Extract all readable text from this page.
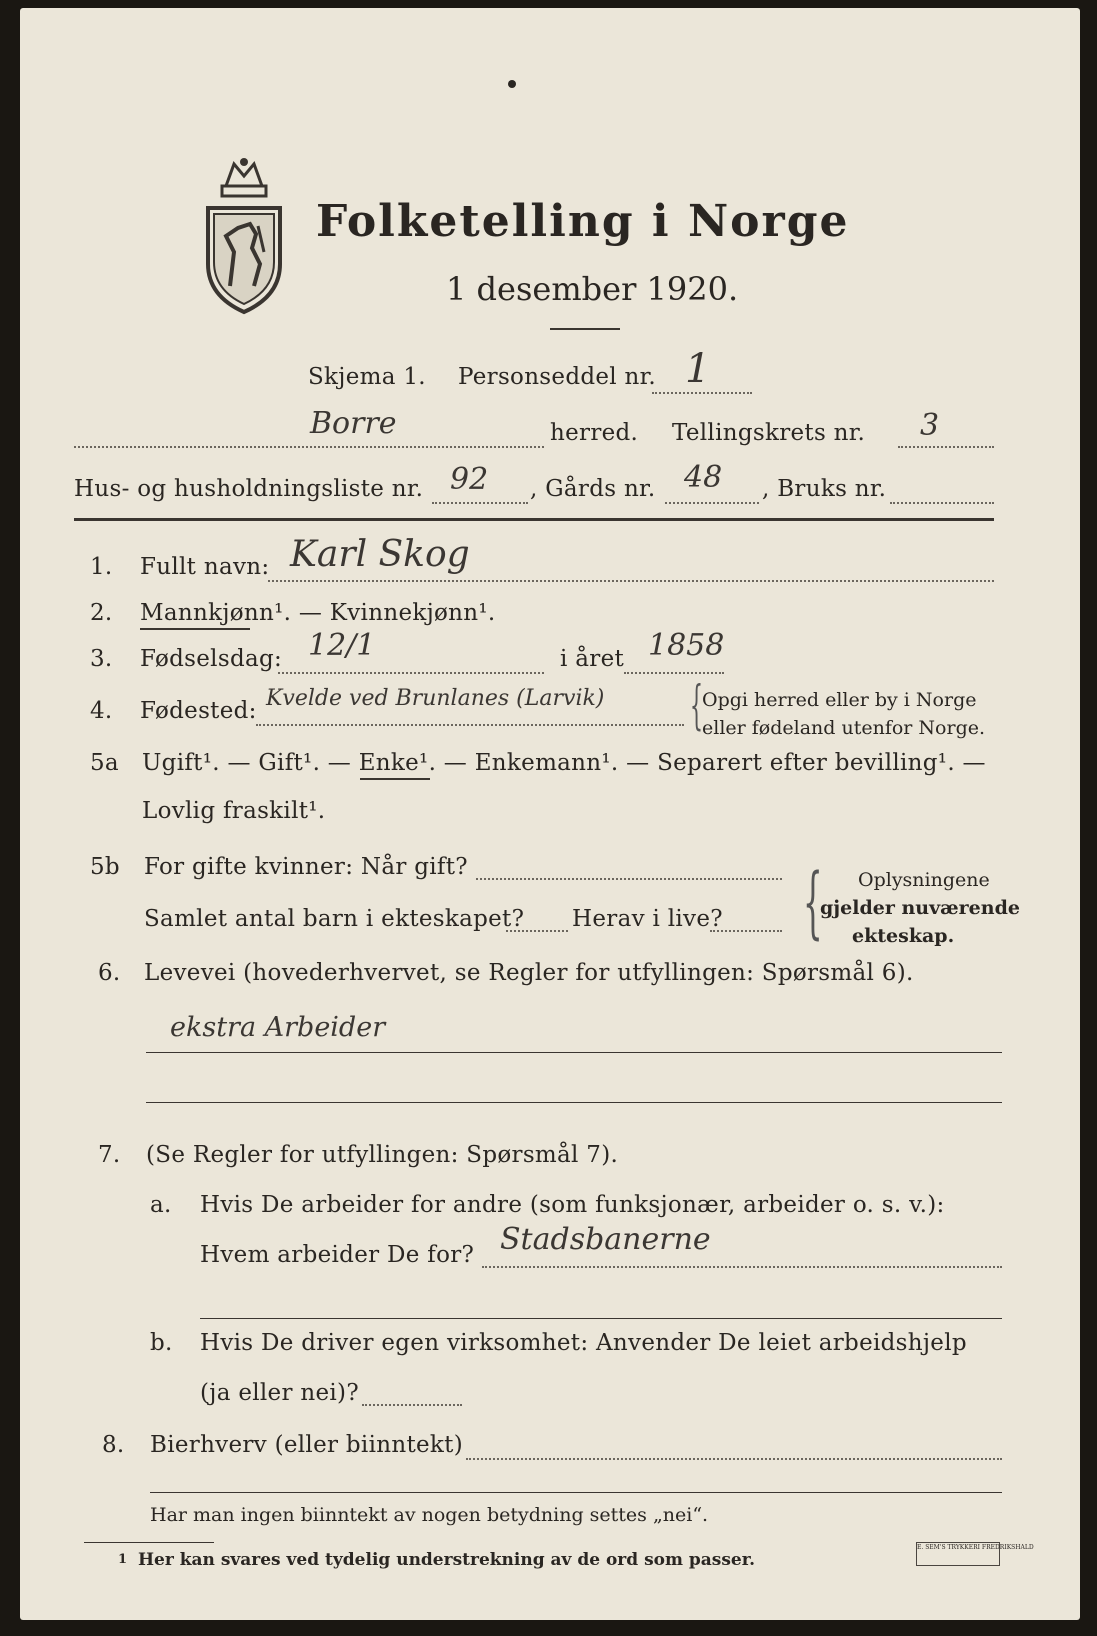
Folketelling i Norge
1 desember 1920.
Skjema 1. Personseddel nr. 1
Borre	herred. Tellingskrets nr. 3
Hus- og husholdningsliste nr. 92 , Gårds nr. 48 , Bruks nr.
1. Fullt navn: Karl Skog
2. Mannkjønn¹. — Kvinnekjønn¹.
3. Fødselsdag: 12/1	i året 1858
4. Fødested: Kvelde ved Brunlanes (Larvik) {
Opgi herred eller by i Norge
eller fødeland utenfor Norge.
5a Ugift¹. — Gift¹. — Enke¹. — Enkemann¹. — Separert efter bevilling¹. —
Lovlig fraskilt¹.
5b For gifte kvinner: Når gift?
Samlet antal barn i ekteskapet? Herav i live? { Oplysningene
gjelder nuværende
ekteskap.
6. Levevei (hovederhvervet, se Regler for utfyllingen: Spørsmål 6).
ekstra Arbeider
7. (Se Regler for utfyllingen: Spørsmål 7).
a. Hvis De arbeider for andre (som funksjonær, arbeider o. s. v.):
Hvem arbeider De for? Stadsbanerne
b. Hvis De driver egen virksomhet: Anvender De leiet arbeidshjelp
(ja eller nei)?
8. Bierhverv (eller biinntekt)
Har man ingen biinntekt av nogen betydning settes „nei“.
1 Her kan svares ved tydelig understrekning av de ord som passer.
E. SEM'S TRYKKERI FREDRIKSHALD
